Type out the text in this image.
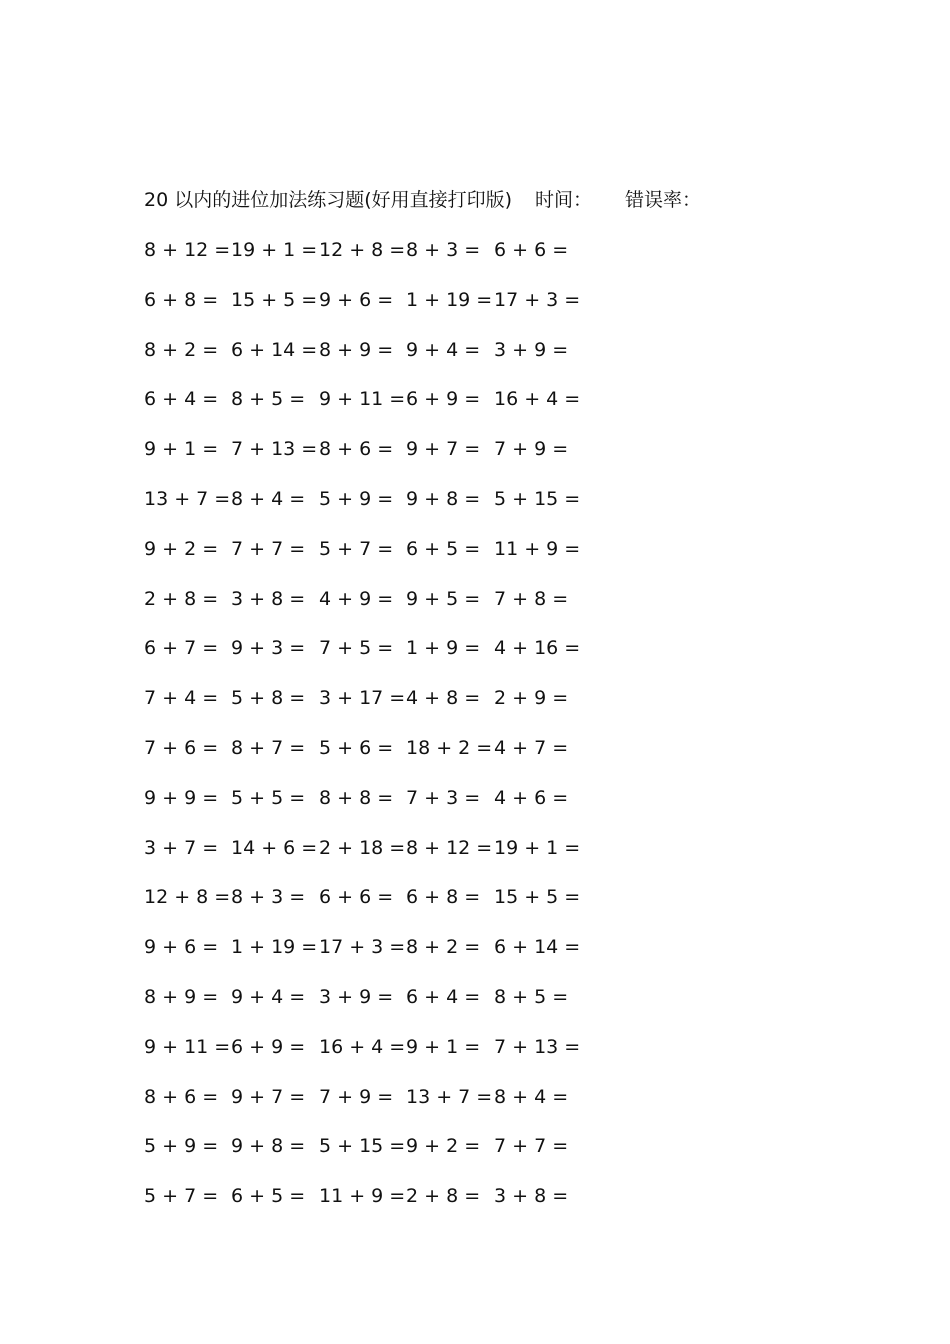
20 以内的进位加法练习题(好用直接打印版) 时间： 错误率：
8 + 12 = 19 + 1 = 12 + 8 = 8 + 3 = 6 + 6 =
6 + 8 = 15 + 5 = 9 + 6 = 1 + 19 = 17 + 3 =
8 + 2 = 6 + 14 = 8 + 9 = 9 + 4 = 3 + 9 =
6 + 4 = 8 + 5 = 9 + 11 = 6 + 9 = 16 + 4 =
9 + 1 = 7 + 13 = 8 + 6 = 9 + 7 = 7 + 9 =
13 + 7 = 8 + 4 = 5 + 9 = 9 + 8 = 5 + 15 =
9 + 2 = 7 + 7 = 5 + 7 = 6 + 5 = 11 + 9 =
2 + 8 = 3 + 8 = 4 + 9 = 9 + 5 = 7 + 8 =
6 + 7 = 9 + 3 = 7 + 5 = 1 + 9 = 4 + 16 =
7 + 4 = 5 + 8 = 3 + 17 = 4 + 8 = 2 + 9 =
7 + 6 = 8 + 7 = 5 + 6 = 18 + 2 = 4 + 7 =
9 + 9 = 5 + 5 = 8 + 8 = 7 + 3 = 4 + 6 =
3 + 7 = 14 + 6 = 2 + 18 = 8 + 12 = 19 + 1 =
12 + 8 = 8 + 3 = 6 + 6 = 6 + 8 = 15 + 5 =
9 + 6 = 1 + 19 = 17 + 3 = 8 + 2 = 6 + 14 =
8 + 9 = 9 + 4 = 3 + 9 = 6 + 4 = 8 + 5 =
9 + 11 = 6 + 9 = 16 + 4 = 9 + 1 = 7 + 13 =
8 + 6 = 9 + 7 = 7 + 9 = 13 + 7 = 8 + 4 =
5 + 9 = 9 + 8 = 5 + 15 = 9 + 2 = 7 + 7 =
5 + 7 = 6 + 5 = 11 + 9 = 2 + 8 = 3 + 8 =
